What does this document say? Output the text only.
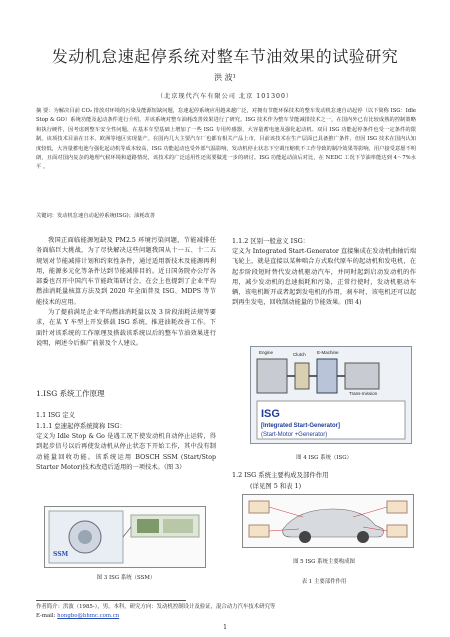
发动机怠速起停系统对整车节油效果的试验研究
洪 波¹
（北京现代汽车有限公司 北京 101300）
摘 要：为解决目前 CO₂ 排放对环境的污染及能源短缺问题，怠速起停系统应用越来越广泛，对拥有节能环保技术的整车发动机怠速自动起停（以下简称 ISG：Idle Stop & GO）系统功能及起动条件进行介绍，并该系统对整车油耗改善效果进行了研究。ISG 技术作为整车节能减排技术之一，在国内外已有比较成熟的控制策略和执行硬件，因考虑到整车安全性问题，在基本车型基础上增加了一些 ISG 专用传感器、大容量蓄电池及强化起动机、双目 ISG 功能起停条件也受一定条件的限制。该项技术目前在日本、欧洲等地区实现量产。在国内几大主要汽车厂也都有相关产品上市，目前该技术在生产层面已具备推广条件，但因 ISG 技术在国内认知度较低，大容量蓄电池与强化起动机等成本较高，ISG 功能起动也受外部气温影响，发动机停止状态下空调压缩机不工作导致的制冷效果等影响，用户接受意愿不明朗，且面对国内复杂的地理气候环境和道路情况，该技术的广泛适用性还需要做进一步的研讨。ISG 功能起动前后对比，在 NEDC 工况下节油率能达到 4～7%水平 。
关键词：发动机怠速自动起停系统(ISG)；油耗改善

我国正面临能源短缺及 PM2.5 环境污染问题，节能减排任务面临巨大挑战，为了尽快解决这些问题我国从十一五、十二五规划对节能减排计划和约束性条件，通过适用新技术及能源再利用，能源多元化等条件达到节能减排目的。近日国务院办公厅各部委也召开中国汽车节能政策研讨会，在会上也提到了企业平均燃油消耗量核算方法及到 2020 年全面普及 ISG、MDPS 等节能技术的应用。

为了提前满足企业平均燃油消耗量以及 3 阶段油耗法规等要求，在某 Y 车型上开发搭载 ISG 系统，推进油耗改善工作。下面针对该系统的工作原理及搭载该系统以后的整车节油效果进行说明，阐述今后推广前景及个人建议。

1.ISG 系统工作原理
1.1 ISG 定义
1.1.1 怠速起停系统简称 ISG：

定义为 Idle Stop & Go 是遇工况下使发动机自动停止运转，得到起步信号以后再使发动机从停止状态下开始工作，其中没有制动能量回收功能。该系统运用 BOSCH SSM (Start/Stop Starter Motor)技术改造后适用的一项技术。（图 3）

SSM
图 3 ISG 系统（SSM）
1.1.2 区别一般意义 ISG：

定义为 Integrated Start-Generator 直接集成在发动机曲轴后端飞轮上，就是直接以某种啮合方式取代原车的起动机和发电机，在起步阶段短时替代发动机驱动汽车，并同时起到启动发动机的作用，减少发动机的怠速损耗和污染，正常行使时，发动机驱动车辆，该电机断开或者起到发电机的作用，刹车时，该电机还可以起到再生发电，回收制动能量的节能效果。(图 4)

ISG
[Integrated Start-Generator]
(Start-Motor +Generator)
Engine	Clutch E-Machine
Trans-mission
图 4 ISG 系统（ISG）
1.2 ISG 系统主要构成及部件作用
(详见图 5 和表 1)
图 5 ISG 系统主要构成图
表 1 主要部件作用
作者简介：洪波（1985-），男，本科，研究方向：发动机控制设计及验证，混合动力汽车技术研究等
E-mail: hongbo@bhmc.com.cn
1
